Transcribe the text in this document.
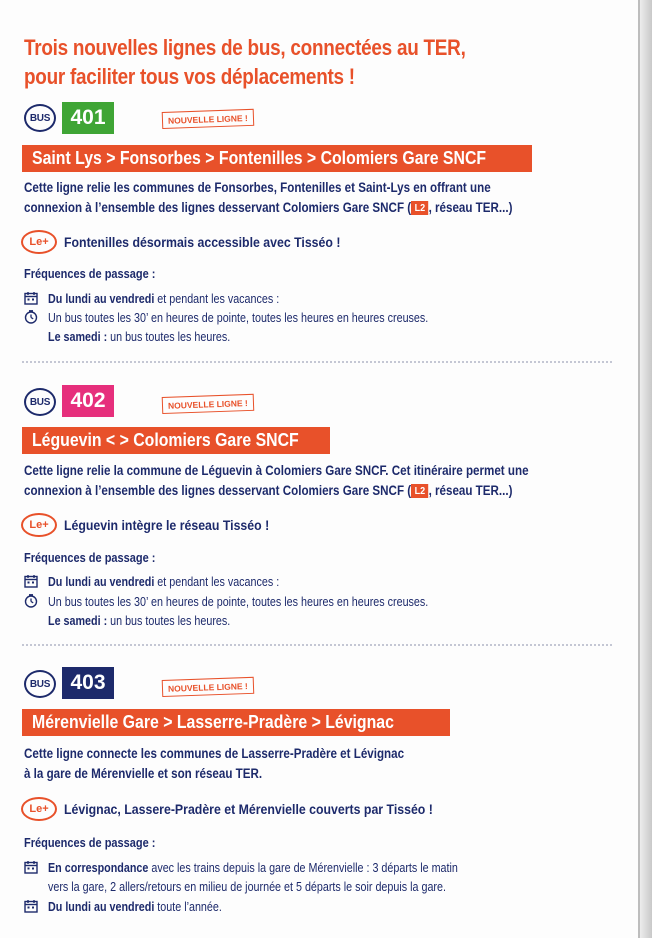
Trois nouvelles lignes de bus, connectées au TER,
pour faciliter tous vos déplacements !
BUS 401	NOUVELLE LIGNE !
Saint Lys > Fonsorbes > Fontenilles > Colomiers Gare SNCF
Cette ligne relie les communes de Fonsorbes, Fontenilles et Saint-Lys en offrant une
connexion à l’ensemble des lignes desservant Colomiers Gare SNCF ( L2 , réseau TER...)
Le+ Fontenilles désormais accessible avec Tisséo !
Fréquences de passage :
Du lundi au vendredi et pendant les vacances :
Un bus toutes les 30’ en heures de pointe, toutes les heures en heures creuses.
Le samedi : un bus toutes les heures.
BUS 402	NOUVELLE LIGNE !
Léguevin < > Colomiers Gare SNCF
Cette ligne relie la commune de Léguevin à Colomiers Gare SNCF. Cet itinéraire permet une
connexion à l’ensemble des lignes desservant Colomiers Gare SNCF ( L2 , réseau TER...)
Le+ Léguevin intègre le réseau Tisséo !
Fréquences de passage :
Du lundi au vendredi et pendant les vacances :
Un bus toutes les 30’ en heures de pointe, toutes les heures en heures creuses.
Le samedi : un bus toutes les heures.
BUS 403	NOUVELLE LIGNE !
Mérenvielle Gare > Lasserre-Pradère > Lévignac
Cette ligne connecte les communes de Lasserre-Pradère et Lévignac
à la gare de Mérenvielle et son réseau TER.
Le+ Lévignac, Lassere-Pradère et Mérenvielle couverts par Tisséo !
Fréquences de passage :
En correspondance avec les trains depuis la gare de Mérenvielle : 3 départs le matin
vers la gare, 2 allers/retours en milieu de journée et 5 départs le soir depuis la gare.
Du lundi au vendredi toute l’année.
